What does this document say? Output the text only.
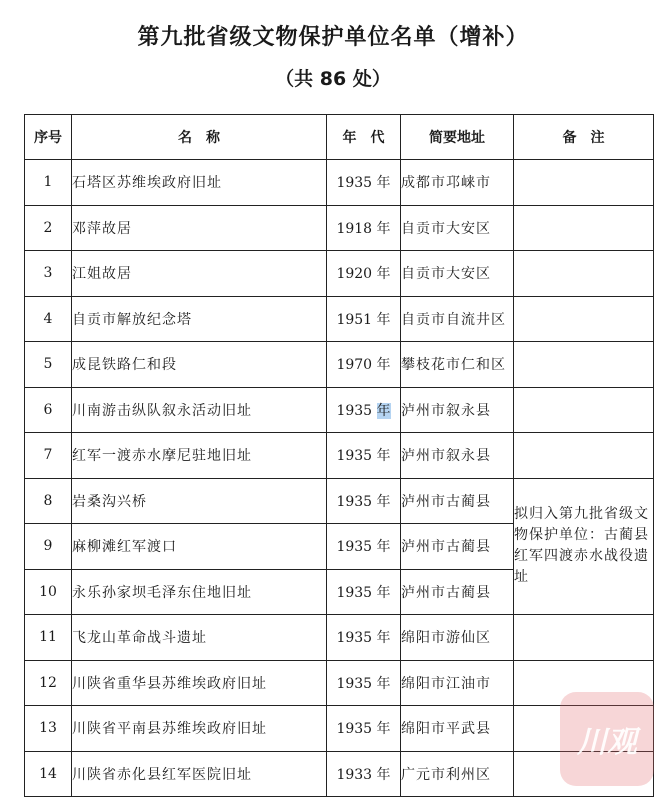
第九批省级文物保护单位名单（增补）
（共 86 处）
序号	名　称	年　代	简要地址	备　注
1	石塔区苏维埃政府旧址	1935 年	成都市邛崃市	
2	邓萍故居	1918 年	自贡市大安区	
3	江姐故居	1920 年	自贡市大安区	
4	自贡市解放纪念塔	1951 年	自贡市自流井区	
5	成昆铁路仁和段	1970 年	攀枝花市仁和区	
6	川南游击纵队叙永活动旧址	1935 年	泸州市叙永县	
7	红军一渡赤水摩尼驻地旧址	1935 年	泸州市叙永县	
8	岩桑沟兴桥	1935 年	泸州市古蔺县	拟归入第九批省级文物保护单位：古蔺县红军四渡赤水战役遗址
9	麻柳滩红军渡口	1935 年	泸州市古蔺县	
10	永乐孙家坝毛泽东住地旧址	1935 年	泸州市古蔺县	
11	飞龙山革命战斗遗址	1935 年	绵阳市游仙区	
12	川陕省重华县苏维埃政府旧址	1935 年	绵阳市江油市	
13	川陕省平南县苏维埃政府旧址	1935 年	绵阳市平武县	
14	川陕省赤化县红军医院旧址	1933 年	广元市利州区	
川观
